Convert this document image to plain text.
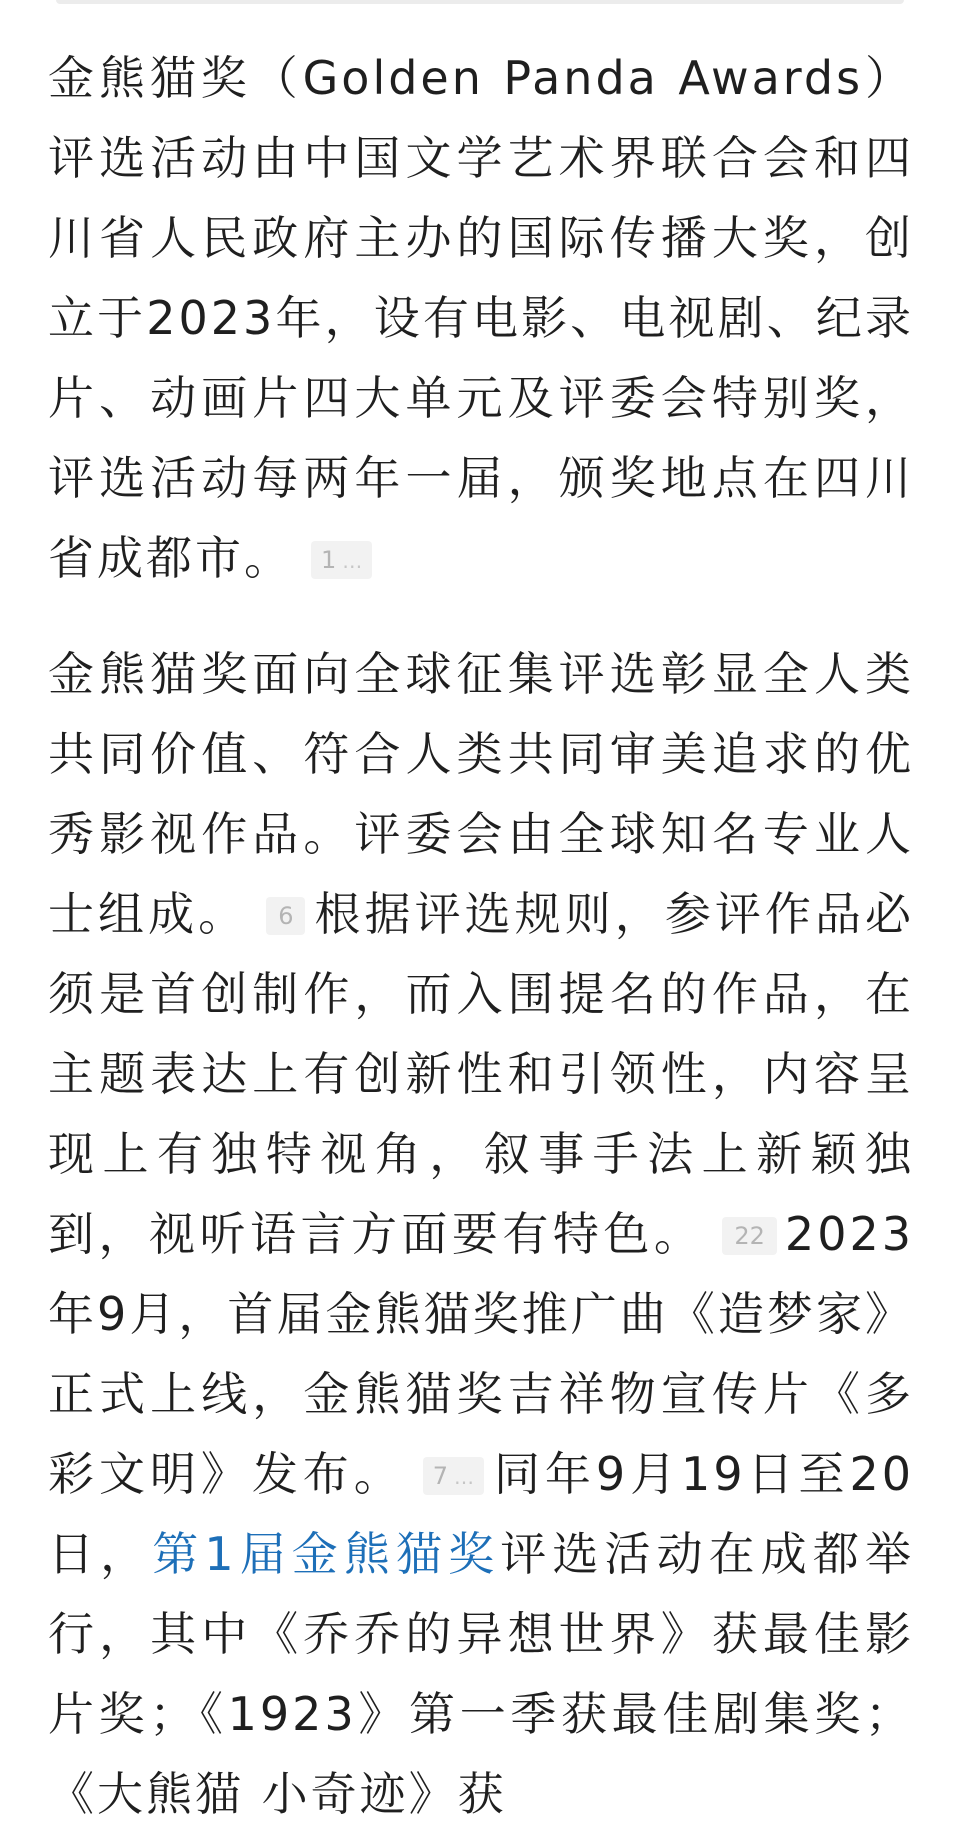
金熊猫奖（Golden Panda Awards）评选活动由中国文学艺术界联合会和四川省人民政府主办的国际传播大奖，创立于2023年，设有电影、电视剧、纪录片、动画片四大单元及评委会特别奖，评选活动每两年一届，颁奖地点在四川省成都市。 1 …

金熊猫奖面向全球征集评选彰显全人类共同价值、符合人类共同审美追求的优秀影视作品。评委会由全球知名专业人士组成。 6 根据评选规则，参评作品必须是首创制作，而入围提名的作品，在主题表达上有创新性和引领性，内容呈现上有独特视角，叙事手法上新颖独到，视听语言方面要有特色。 22 2023年9月，首届金熊猫奖推广曲《造梦家》正式上线，金熊猫奖吉祥物宣传片《多彩文明》发布。 7 … 同年9月19日至20日，第1届金熊猫奖评选活动在成都举行，其中《乔乔的异想世界》获最佳影片奖；《1923》第一季获最佳剧集奖；《大熊猫 小奇迹》获
